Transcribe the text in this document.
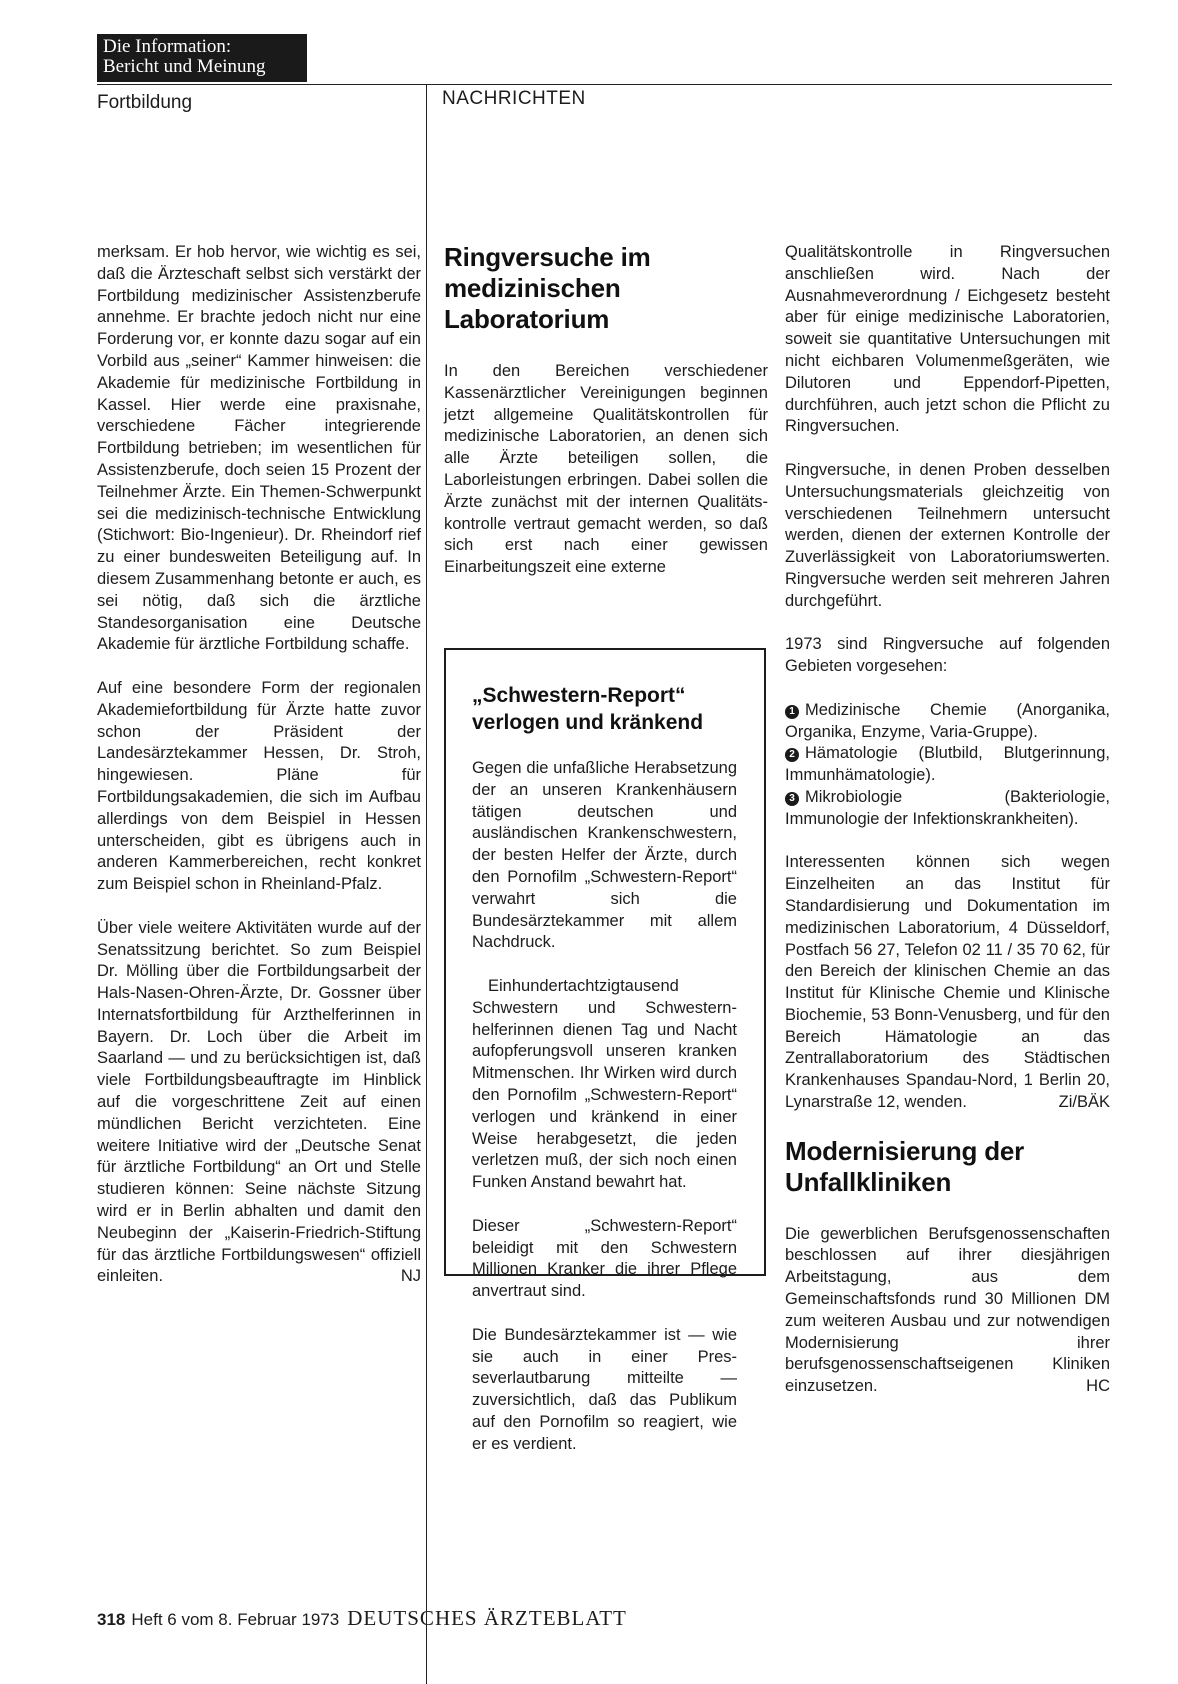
Die Information:
Bericht und Meinung
Fortbildung	NACHRICHTEN

merksam. Er hob hervor, wie wichtig es sei, daß die Ärzteschaft selbst sich verstärkt der Fortbildung medizinischer Assistenzberufe annehme. Er brachte jedoch nicht nur eine Forderung vor, er konnte dazu sogar auf ein Vorbild aus „seiner“ Kammer hinweisen: die Akademie für medizinische Fortbildung in Kassel. Hier werde eine praxisnahe, verschiedene Fächer integrierende Fortbildung betrieben; im wesentlichen für Assistenzberufe, doch seien 15 Prozent der Teilnehmer Ärzte. Ein Themen-Schwerpunkt sei die medizinisch-technische Entwicklung (Stichwort: Bio-Ingenieur). Dr. Rheindorf rief zu einer bundesweiten Beteiligung auf. In diesem Zusammenhang betonte er auch, es sei nötig, daß sich die ärztliche Standesorganisation eine Deutsche Akademie für ärztliche Fortbildung schaffe.

Auf eine besondere Form der regionalen Akademiefortbildung für Ärzte hatte zuvor schon der Präsident der Landesärztekammer Hessen, Dr. Stroh, hingewiesen. Pläne für Fortbildungsakademien, die sich im Aufbau allerdings von dem Beispiel in Hessen unterscheiden, gibt es übrigens auch in anderen Kammerbereichen, recht konkret zum Beispiel schon in Rheinland-Pfalz.

Über viele weitere Aktivitäten wurde auf der Senatssitzung berichtet. So zum Beispiel Dr. Mölling über die Fortbildungsarbeit der Hals-Nasen-Ohren-Ärzte, Dr. Gossner über Internatsfortbildung für Arzthelferinnen in Bayern. Dr. Loch über die Arbeit im Saarland — und zu berücksichtigen ist, daß viele Fortbildungsbeauftragte im Hinblick auf die vorgeschrittene Zeit auf einen mündlichen Bericht verzichteten. Eine weitere Initiative wird der „Deutsche Senat für ärztliche Fortbildung“ an Ort und Stelle studieren können: Seine nächste Sitzung wird er in Berlin abhalten und damit den Neubeginn der „Kaiserin-Friedrich-Stiftung für das ärztliche Fortbildungswesen“ offiziell einleiten.	NJ

Ringversuche im medizinischen Laboratorium

In den Bereichen verschiedener Kassenärztlicher Vereinigungen beginnen jetzt allgemeine Qualitätskontrollen für medizinische Laboratorien, an denen sich alle Ärzte beteiligen sollen, die Laborleistungen erbringen. Dabei sollen die Ärzte zunächst mit der internen Qualitätskontrolle vertraut gemacht werden, so daß sich erst nach einer gewissen Einarbeitungszeit eine externe

„Schwestern-Report“ verlogen und kränkend

Gegen die unfaßliche Herabsetzung der an unseren Krankenhäusern tätigen deutschen und ausländischen Krankenschwestern, der besten Helfer der Ärzte, durch den Pornofilm „Schwestern-Report“ verwahrt sich die Bundesärztekammer mit allem Nachdruck.

Einhundertachtzigtausend Schwestern und Schwesternhelferinnen dienen Tag und Nacht aufopferungsvoll unseren kranken Mitmenschen. Ihr Wirken wird durch den Pornofilm „Schwestern-Report“ verlogen und kränkend in einer Weise herabgesetzt, die jeden verletzen muß, der sich noch einen Funken Anstand bewahrt hat.

Dieser „Schwestern-Report“ beleidigt mit den Schwestern Millionen Kranker die ihrer Pflege anvertraut sind.

Die Bundesärztekammer ist — wie sie auch in einer Presseverlautbarung mitteilte — zuversichtlich, daß das Publikum auf den Pornofilm so reagiert, wie er es verdient.

Qualitätskontrolle in Ringversuchen anschließen wird. Nach der Ausnahmeverordnung / Eichgesetz besteht aber für einige medizinische Laboratorien, soweit sie quantitative Untersuchungen mit nicht eichbaren Volumenmeßgeräten, wie Dilutoren und Eppendorf-Pipetten, durchführen, auch jetzt schon die Pflicht zu Ringversuchen.

Ringversuche, in denen Proben desselben Untersuchungsmaterials gleichzeitig von verschiedenen Teilnehmern untersucht werden, dienen der externen Kontrolle der Zuverlässigkeit von Laboratoriumswerten. Ringversuche werden seit mehreren Jahren durchgeführt.

1973 sind Ringversuche auf folgenden Gebieten vorgesehen:

1 Medizinische Chemie (Anorganika, Organika, Enzyme, Varia-Gruppe).
2 Hämatologie (Blutbild, Blutgerinnung, Immunhämatologie).
3 Mikrobiologie (Bakteriologie, Immunologie der Infektionskrankheiten).

Interessenten können sich wegen Einzelheiten an das Institut für Standardisierung und Dokumentation im medizinischen Laboratorium, 4 Düsseldorf, Postfach 56 27, Telefon 02 11 / 35 70 62, für den Bereich der klinischen Chemie an das Institut für Klinische Chemie und Klinische Biochemie, 53 Bonn-Venusberg, und für den Bereich Hämatologie an das Zentrallaboratorium des Städtischen Krankenhauses Spandau-Nord, 1 Berlin 20, Lynarstraße 12, wenden.	Zi/BÄK

Modernisierung der Unfallkliniken

Die gewerblichen Berufsgenossenschaften beschlossen auf ihrer diesjährigen Arbeitstagung, aus dem Gemeinschaftsfonds rund 30 Millionen DM zum weiteren Ausbau und zur notwendigen Modernisierung ihrer berufsgenossenschaftseigenen Kliniken einzusetzen.	HC

318 Heft 6 vom 8. Februar 1973 DEUTSCHES ÄRZTEBLATT
